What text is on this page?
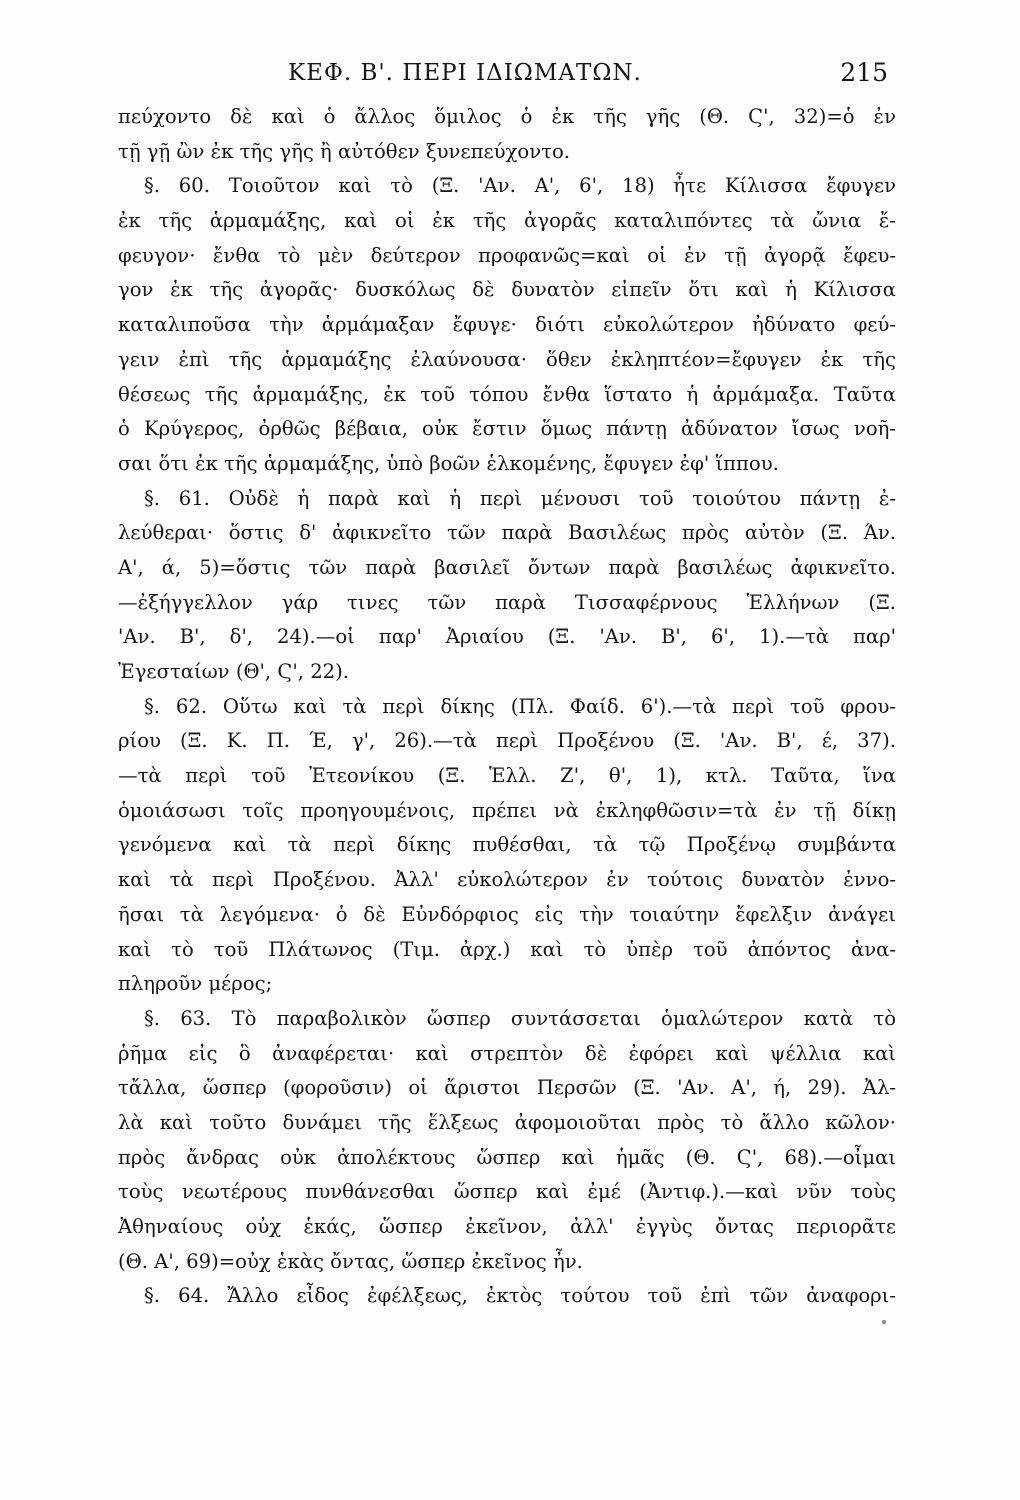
ΚΕΦ. Β'. ΠΕΡΙ ΙΔΙΩΜΑΤΩΝ.	215
πεύχοντο δὲ καὶ ὁ ἄλλος ὅμιλος ὁ ἐκ τῆς γῆς (Θ. Ϛ', 32)=ὁ ἐν
τῇ γῇ ὢν ἐκ τῆς γῆς ἢ αὐτόθεν ξυνεπεύχοντο.
§. 60. Τοιοῦτον καὶ τὸ (Ξ. 'Αν. Α', 6', 18) ἦτε Κίλισσα ἔφυγεν
ἐκ τῆς ἁρμαμάξης, καὶ οἱ ἐκ τῆς ἀγορᾶς καταλιπόντες τὰ ὤνια ἔ-
φευγον· ἔνθα τὸ μὲν δεύτερον προφανῶς=καὶ οἱ ἐν τῇ ἀγορᾷ ἔφευ-
γον ἐκ τῆς ἀγορᾶς· δυσκόλως δὲ δυνατὸν εἰπεῖν ὅτι καὶ ἡ Κίλισσα
καταλιποῦσα τὴν ἁρμάμαξαν ἔφυγε· διότι εὐκολώτερον ἠδύνατο φεύ-
γειν ἐπὶ τῆς ἁρμαμάξης ἐλαύνουσα· ὅθεν ἐκληπτέον=ἔφυγεν ἐκ τῆς
θέσεως τῆς ἁρμαμάξης, ἐκ τοῦ τόπου ἔνθα ἵστατο ἡ ἁρμάμαξα. Ταῦτα
ὁ Κρύγερος, ὀρθῶς βέβαια, οὐκ ἔστιν ὅμως πάντῃ ἀδύνατον ἴσως νοῆ-
σαι ὅτι ἐκ τῆς ἁρμαμάξης, ὑπὸ βοῶν ἑλκομένης, ἔφυγεν ἐφ' ἵππου.
§. 61. Οὐδὲ ἡ παρὰ καὶ ἡ περὶ μένουσι τοῦ τοιούτου πάντῃ ἐ-
λεύθεραι· ὅστις δ' ἀφικνεῖτο τῶν παρὰ Βασιλέως πρὸς αὐτὸν (Ξ. Άν.
Α', ά, 5)=ὅστις τῶν παρὰ βασιλεῖ ὄντων παρὰ βασιλέως ἀφικνεῖτο.
—ἐξήγγελλον γάρ τινες τῶν παρὰ Τισσαφέρνους Ἑλλήνων (Ξ.
'Αν. Β', δ', 24).—οἱ παρ' Ἀριαίου (Ξ. 'Αν. Β', 6', 1).—τὰ παρ'
Ἐγεσταίων (Θ', Ϛ', 22).
§. 62. Οὕτω καὶ τὰ περὶ δίκης (Πλ. Φαίδ. 6').—τὰ περὶ τοῦ φρου-
ρίου (Ξ. Κ. Π. Έ, γ', 26).—τὰ περὶ Προξένου (Ξ. 'Αν. Β', έ, 37).
—τὰ περὶ τοῦ Ἐτεονίκου (Ξ. Ἑλλ. Ζ', θ', 1), κτλ. Ταῦτα, ἵνα
ὁμοιάσωσι τοῖς προηγουμένοις, πρέπει νὰ ἐκληφθῶσιν=τὰ ἐν τῇ δίκῃ
γενόμενα καὶ τὰ περὶ δίκης πυθέσθαι, τὰ τῷ Προξένῳ συμβάντα
καὶ τὰ περὶ Προξένου. Ἀλλ' εὐκολώτερον ἐν τούτοις δυνατὸν ἐννο-
ῆσαι τὰ λεγόμενα· ὁ δὲ Εὐνδόρφιος εἰς τὴν τοιαύτην ἔφελξιν ἀνάγει
καὶ τὸ τοῦ Πλάτωνος (Τιμ. ἀρχ.) καὶ τὸ ὑπὲρ τοῦ ἀπόντος ἀνα-
πληροῦν μέρος;
§. 63. Τὸ παραβολικὸν ὥσπερ συντάσσεται ὁμαλώτερον κατὰ τὸ
ῥῆμα εἰς ὃ ἀναφέρεται· καὶ στρεπτὸν δὲ ἐφόρει καὶ ψέλλια καὶ
τἄλλα, ὥσπερ (φοροῦσιν) οἱ ἄριστοι Περσῶν (Ξ. 'Αν. Α', ή, 29). Ἀλ-
λὰ καὶ τοῦτο δυνάμει τῆς ἕλξεως ἀφομοιοῦται πρὸς τὸ ἄλλο κῶλον·
πρὸς ἄνδρας οὐκ ἀπολέκτους ὥσπερ καὶ ἡμᾶς (Θ. Ϛ', 68).—οἶμαι
τοὺς νεωτέρους πυνθάνεσθαι ὥσπερ καὶ ἐμέ (Ἀντιφ.).—καὶ νῦν τοὺς
Ἀθηναίους οὐχ ἑκάς, ὥσπερ ἐκεῖνον, ἀλλ' ἐγγὺς ὄντας περιορᾶτε
(Θ. Α', 69)=οὐχ ἑκὰς ὄντας, ὥσπερ ἐκεῖνος ἦν.
§. 64. Ἄλλο εἶδος ἐφέλξεως, ἐκτὸς τούτου τοῦ ἐπὶ τῶν ἀναφορι-
